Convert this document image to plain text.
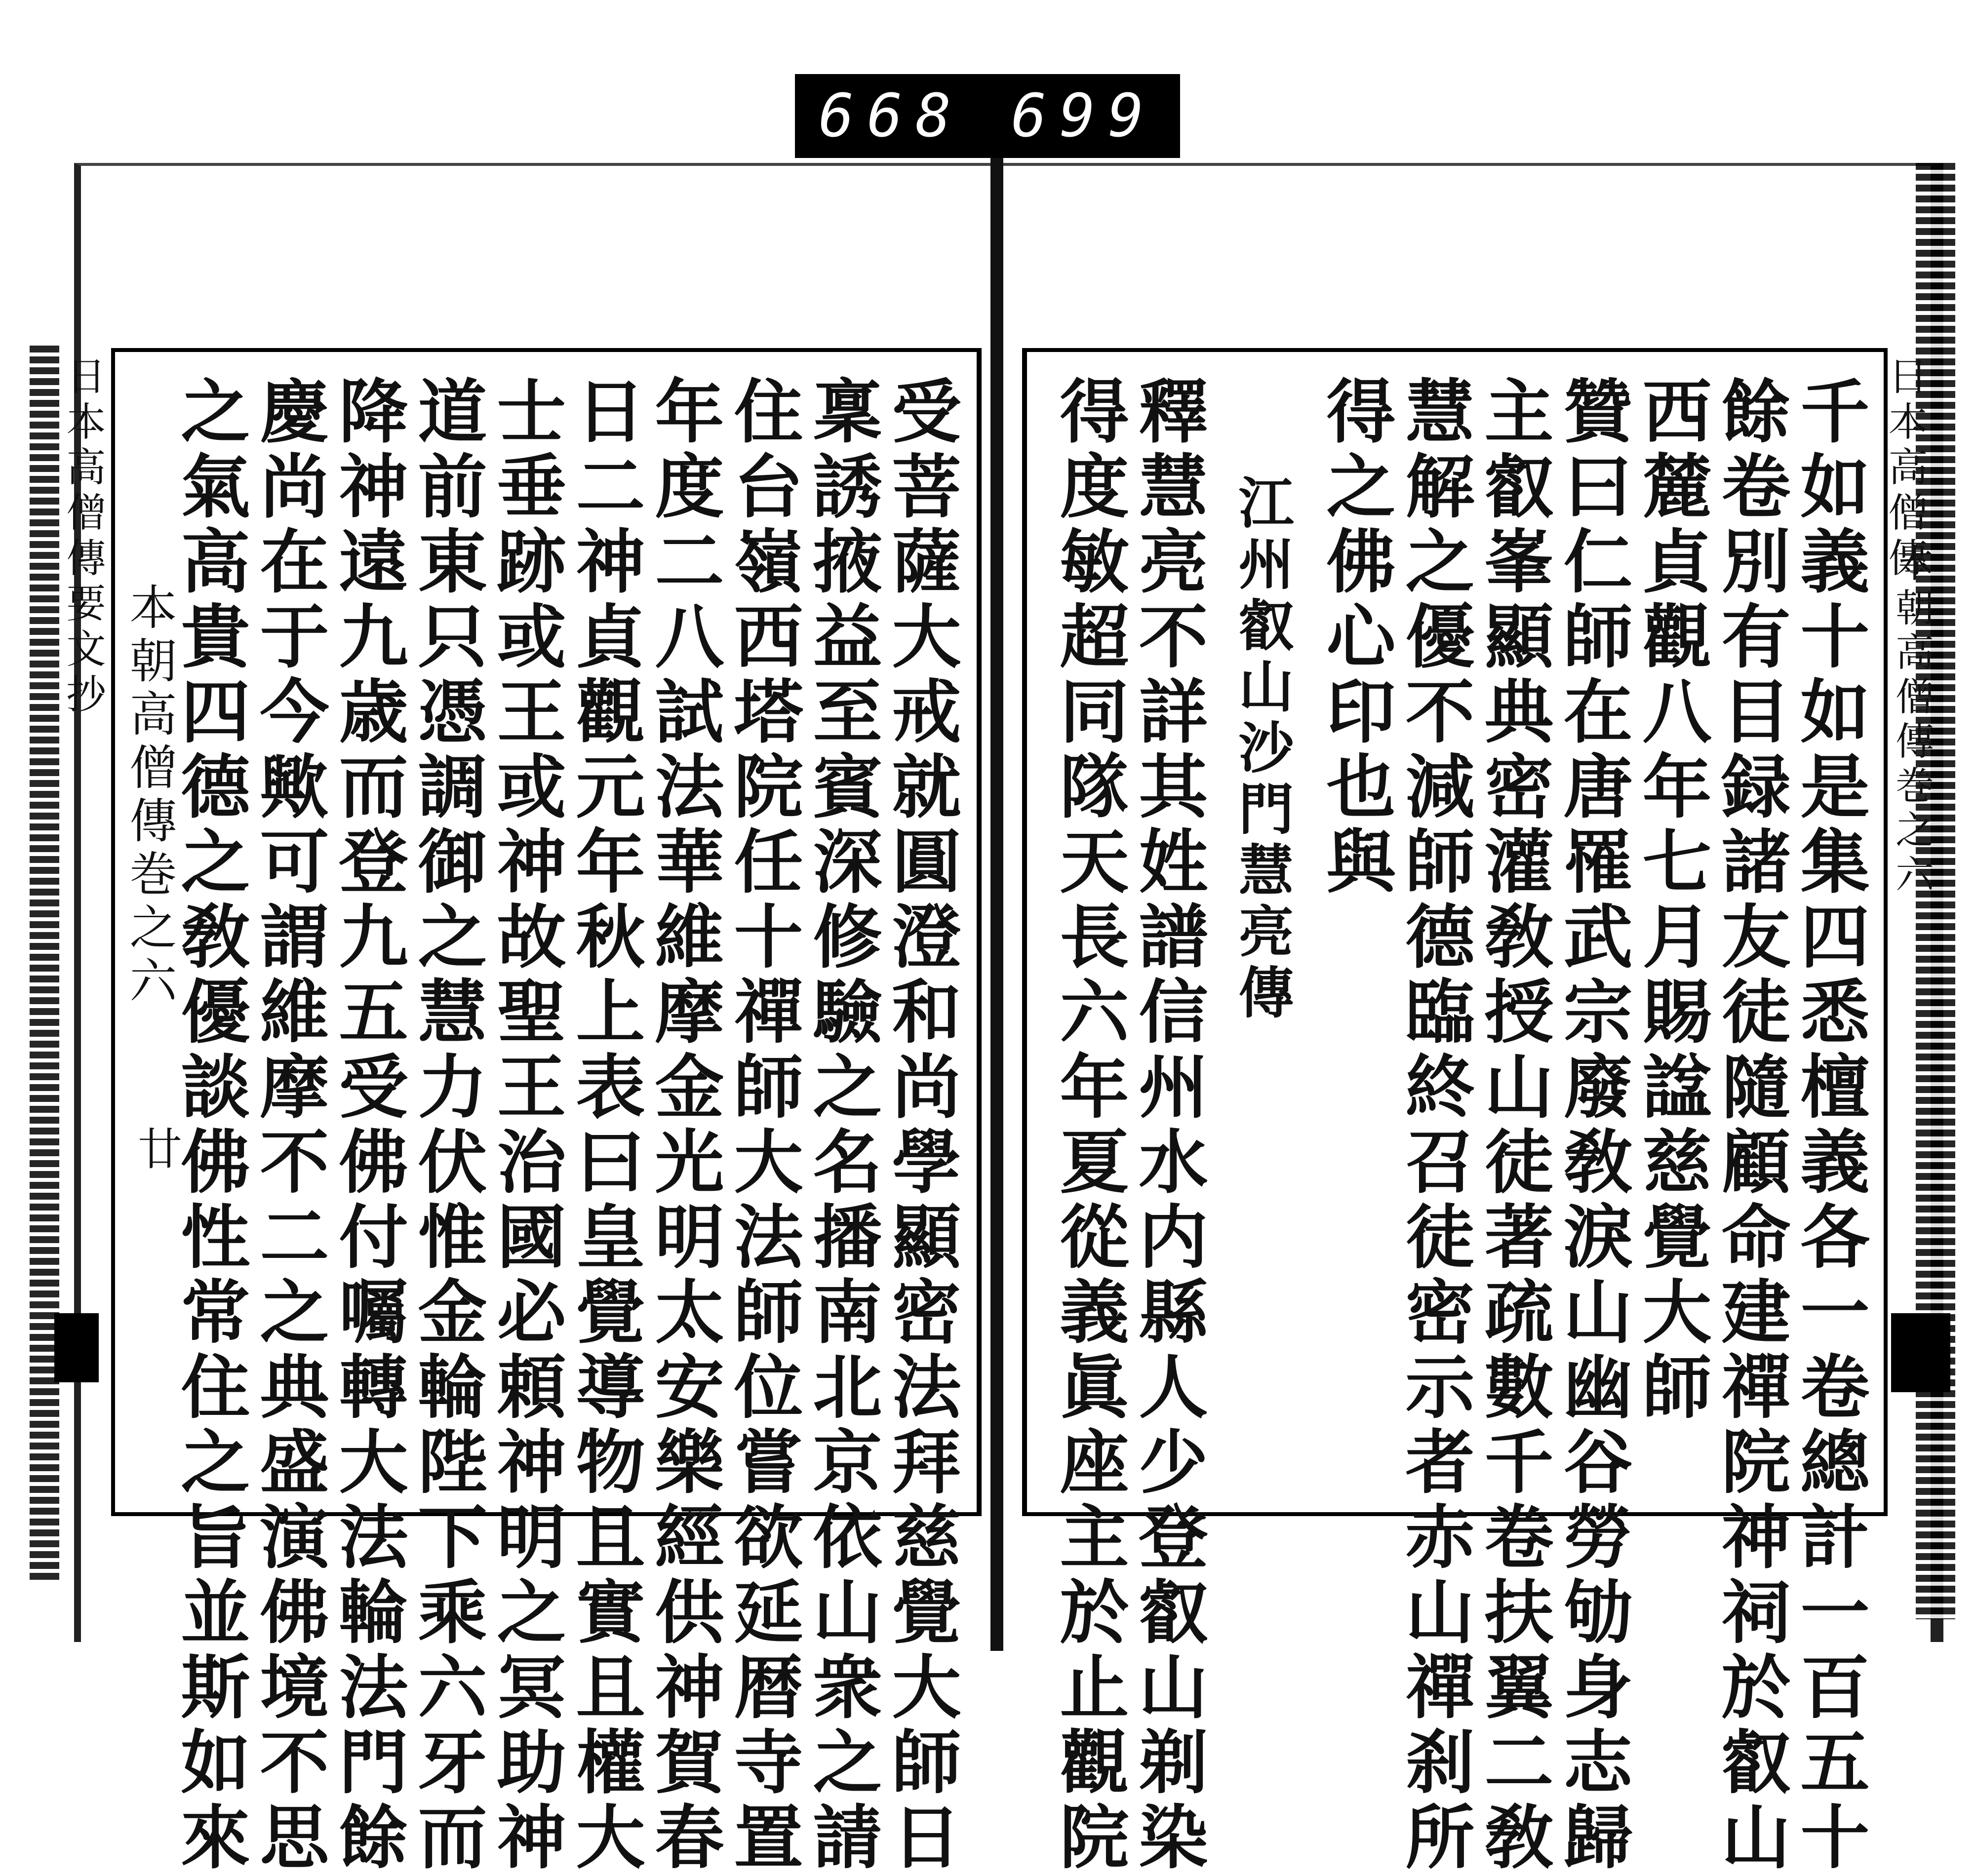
668 699
日本高僧傳要文抄
本朝高僧傳巻之六
廿	受菩薩大戒就圓澄和尚學顯密法拜慈覺大師日
稟誘掖益至賓深修驗之名播南北京依山衆之請
住台嶺西塔院任十禪師大法師位嘗欲延暦寺置
年度二八試法華維摩金光明太安樂經供神賀春
日二神貞觀元年秋上表曰皇覺導物且實且權大
士垂跡或王或神故聖王治國必頼神明之冥助神
道前東只憑調御之慧力伏惟金輪陛下乘六牙而
降神遠九歳而登九五受佛付囑轉大法輪法門餘
慶尚在于今歟可謂維摩不二之典盛演佛境不思
之氣高貴四德之敎優談佛性常住之旨並斯如來	日本高僧傳
本朝高僧傳巻之六
千如義十如是集四悉檀義各一卷總計一百五十
餘卷別有目録諸友徒隨顧命建禪院神祠於叡山
西麓貞觀八年七月賜諡慈覺大師
贊曰仁師在唐罹武宗廢敎淚山幽谷勞劬身志歸
主叡峯顯典密灌敎授山徒著疏數千卷扶翼二敎
慧解之優不減師德臨終召徒密示者赤山禪刹所
得之佛心印也與
江州叡山沙門慧亮傳
釋慧亮不詳其姓譜信州水内縣人少登叡山剃染
得度敏超同隊天長六年夏從義眞座主於止觀院
